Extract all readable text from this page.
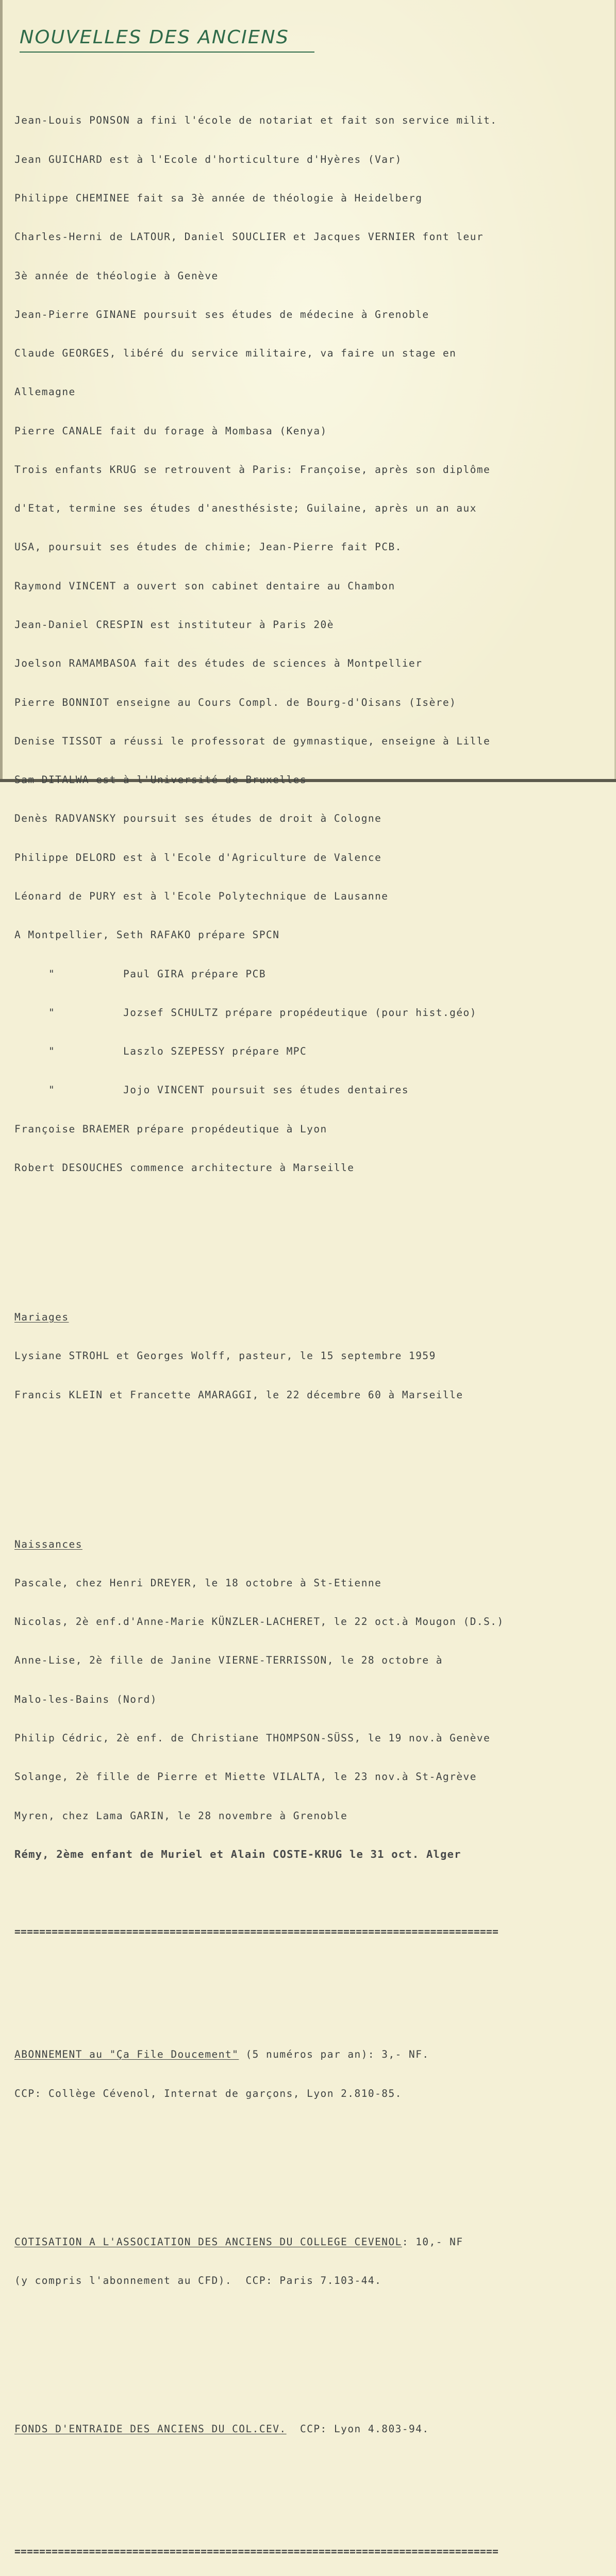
NOUVELLES DES ANCIENS

Jean-Louis PONSON a fini l'école de notariat et fait son service milit.

Jean GUICHARD est à l'Ecole d'horticulture d'Hyères (Var)

Philippe CHEMINEE fait sa 3è année de théologie à Heidelberg

Charles-Herni de LATOUR, Daniel SOUCLIER et Jacques VERNIER font leur

3è année de théologie à Genève

Jean-Pierre GINANE poursuit ses études de médecine à Grenoble

Claude GEORGES, libéré du service militaire, va faire un stage en

Allemagne

Pierre CANALE fait du forage à Mombasa (Kenya)

Trois enfants KRUG se retrouvent à Paris: Françoise, après son diplôme

d'Etat, termine ses études d'anesthésiste; Guilaine, après un an aux

USA, poursuit ses études de chimie; Jean-Pierre fait PCB.

Raymond VINCENT a ouvert son cabinet dentaire au Chambon

Jean-Daniel CRESPIN est instituteur à Paris 20è

Joelson RAMAMBASOA fait des études de sciences à Montpellier

Pierre BONNIOT enseigne au Cours Compl. de Bourg-d'Oisans (Isère)

Denise TISSOT a réussi le professorat de gymnastique, enseigne à Lille

Sam DITALWA est à l'Université de Bruxelles

Denès RADVANSKY poursuit ses études de droit à Cologne

Philippe DELORD est à l'Ecole d'Agriculture de Valence

Léonard de PURY est à l'Ecole Polytechnique de Lausanne

A Montpellier, Seth RAFAKO prépare SPCN

"          Paul GIRA prépare PCB

"          Jozsef SCHULTZ prépare propédeutique (pour hist.géo)

"          Laszlo SZEPESSY prépare MPC

"          Jojo VINCENT poursuit ses études dentaires

Françoise BRAEMER prépare propédeutique à Lyon

Robert DESOUCHES commence architecture à Marseille

Mariages

Lysiane STROHL et Georges Wolff, pasteur, le 15 septembre 1959

Francis KLEIN et Francette AMARAGGI, le 22 décembre 60 à Marseille

Naissances

Pascale, chez Henri DREYER, le 18 octobre à St-Etienne

Nicolas, 2è enf.d'Anne-Marie KÜNZLER-LACHERET, le 22 oct.à Mougon (D.S.)

Anne-Lise, 2è fille de Janine VIERNE-TERRISSON, le 28 octobre à

Malo-les-Bains (Nord)

Philip Cédric, 2è enf. de Christiane THOMPSON-SÜSS, le 19 nov.à Genève

Solange, 2è fille de Pierre et Miette VILALTA, le 23 nov.à St-Agrève

Myren, chez Lama GARIN, le 28 novembre à Grenoble

Rémy, 2ème enfant de Muriel et Alain COSTE-KRUG le 31 oct. Alger

==============================================================================

ABONNEMENT au "Ça File Doucement" (5 numéros par an): 3,- NF.

CCP: Collège Cévenol, Internat de garçons, Lyon 2.810-85.

COTISATION A L'ASSOCIATION DES ANCIENS DU COLLEGE CEVENOL: 10,- NF

(y compris l'abonnement au CFD).  CCP: Paris 7.103-44.

FONDS D'ENTRAIDE DES ANCIENS DU COL.CEV.  CCP: Lyon 4.803-94.

==============================================================================
